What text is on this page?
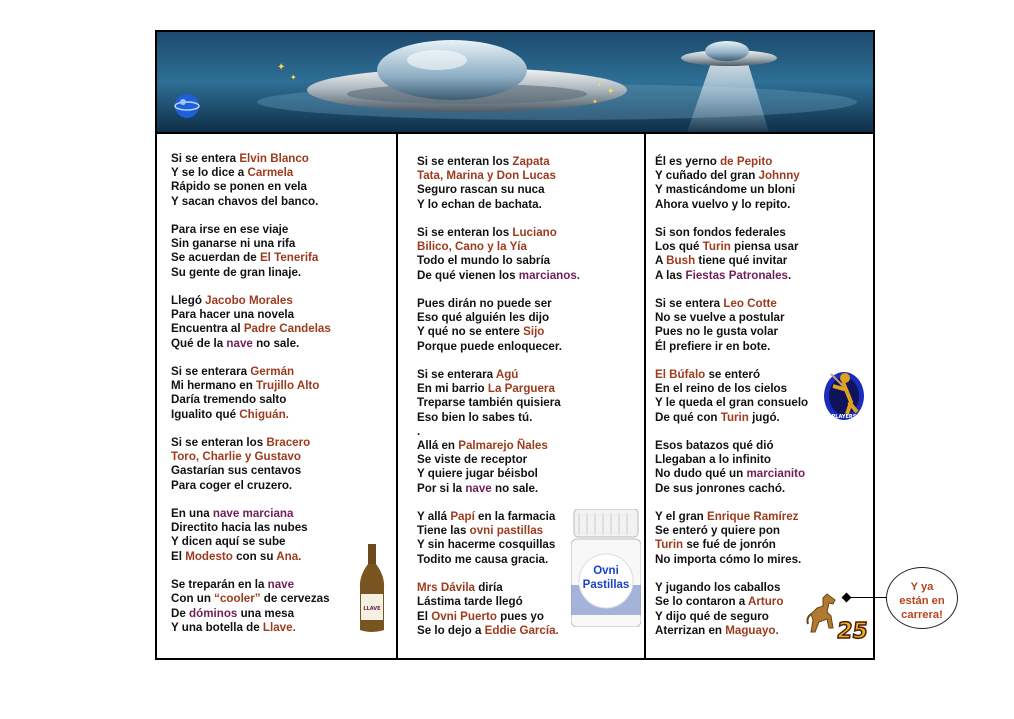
✦
✦
✦
✦
✦
Si se entera Elvin Blanco
Y se lo dice a Carmela
Rápido se ponen en vela
Y sacan chavos del banco.

Para irse en ese viaje
Sin ganarse ni una rifa
Se acuerdan de El Tenerifa
Su gente de gran linaje.

Llegó Jacobo Morales
Para hacer una novela
Encuentra al Padre Candelas
Qué de la nave no sale.

Si se enterara Germán
Mi hermano en Trujillo Alto
Daría tremendo salto
Igualito qué Chiguán.

Si se enteran los Bracero
Toro, Charlie y Gustavo
Gastarían sus centavos
Para coger el cruzero.

En una nave marciana
Directito hacia las nubes
Y dicen aquí se sube
El Modesto con su Ana.

Se treparán en la nave
Con un “cooler” de cervezas
De dóminos una mesa
Y una botella de Llave.
Si se enteran los Zapata
Tata, Marina y Don Lucas
Seguro rascan su nuca
Y lo echan de bachata.

Si se enteran los Luciano
Bilico, Cano y la Yía
Todo el mundo lo sabría
De qué vienen los marcianos.

Pues dirán no puede ser
Eso qué alguién les dijo
Y qué no se entere Sijo
Porque puede enloquecer.

Si se enterara Agú
En mi barrio La Parguera
Treparse también quisiera
Eso bien lo sabes tú.
.
Allá en Palmarejo Ñales
Se viste de receptor
Y quiere jugar béisbol
Por si la nave no sale.

Y allá Papí en la farmacia
Tiene las ovni pastillas
Y sin hacerme cosquillas
Todito me causa gracia.

Mrs Dávila diría
Lástima tarde llegó
El Ovni Puerto pues yo
Se lo dejo a Eddie García.
Él es yerno de Pepito
Y cuñado del gran Johnny
Y masticándome un bloni
Ahora vuelvo y lo repito.

Si son fondos federales
Los qué Turin piensa usar
A Bush tiene qué invitar
A las Fiestas Patronales.

Si se entera Leo Cotte
No se vuelve a postular
Pues no le gusta volar
Él prefiere ir en bote.

El Búfalo se enteró
En el reino de los cielos
Y le queda el gran consuelo
De qué con Turin jugó.

Esos batazos qué dió
Llegaban a lo infinito
No dudo qué un marcianito
De sus jonrones cachó.

Y el gran Enrique Ramírez
Se enteró y quiere pon
Turin se fué de jonrón
No importa cómo lo mires.

Y jugando los caballos
Se lo contaron a Arturo
Y dijo qué de seguro
Aterrizan en Maguayo.
LLAVE
Ovni
Pastillas
PLAYERS
25
Y ya
están en
carrera!
